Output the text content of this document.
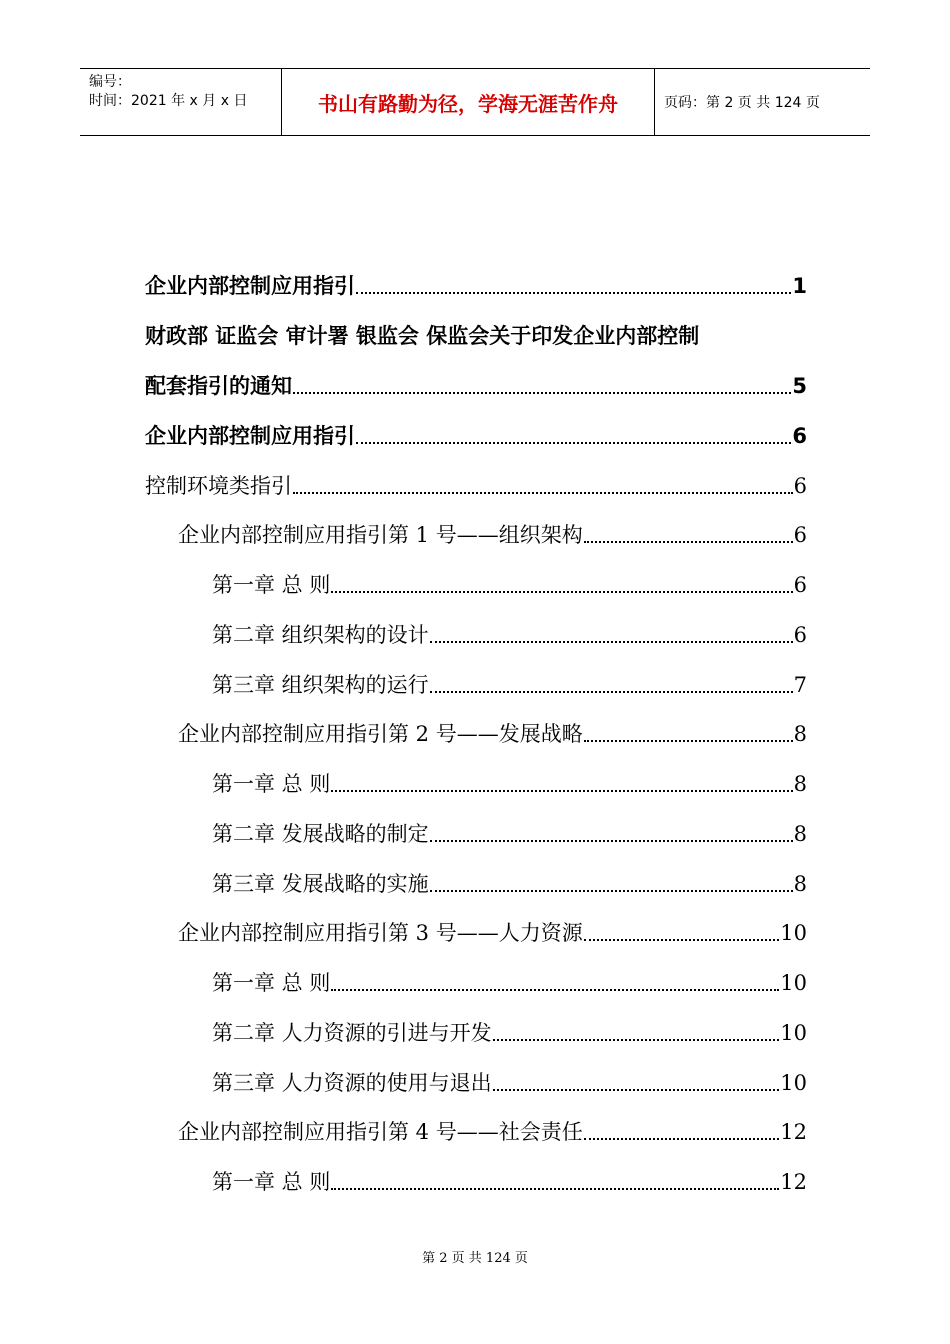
编号：
时间：2021 年 x 月 x 日	书山有路勤为径，学海无涯苦作舟	页码：第 2 页 共 124 页
企业内部控制应用指引	1
财政部 证监会 审计署 银监会 保监会关于印发企业内部控制
配套指引的通知	5
企业内部控制应用指引	6
控制环境类指引	6
企业内部控制应用指引第 1 号——组织架构	6
第一章 总 则	6
第二章 组织架构的设计	6
第三章 组织架构的运行	7
企业内部控制应用指引第 2 号——发展战略	8
第一章 总 则	8
第二章 发展战略的制定	8
第三章 发展战略的实施	8
企业内部控制应用指引第 3 号——人力资源	10
第一章 总 则	10
第二章 人力资源的引进与开发	10
第三章 人力资源的使用与退出	10
企业内部控制应用指引第 4 号——社会责任	12
第一章 总 则	12
第 2 页 共 124 页
